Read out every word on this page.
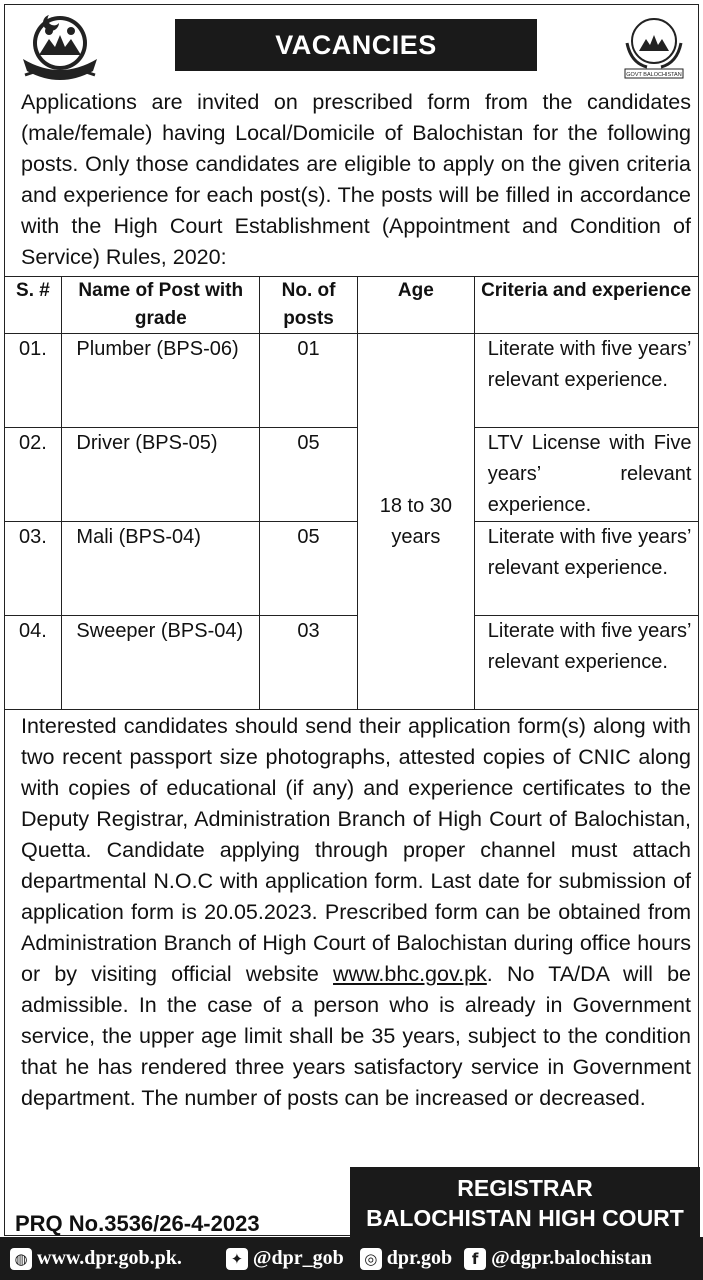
VACANCIES
GOVT BALOCHISTAN
Applications are invited on prescribed form from the candidates (male/female) having Local/Domicile of Balochistan for the following posts. Only those candidates are eligible to apply on the given criteria and experience for each post(s). The posts will be filled in accordance with the High Court Establishment (Appointment and Condition of Service) Rules, 2020:
S. #	Name of Post with grade	No. of posts	Age	Criteria and experience
01.	Plumber (BPS-06)	01	18 to 30 years	Literate with five years’ relevant experience.
02.	Driver (BPS-05)	05		LTV License with Five years’ relevant experience.
03.	Mali (BPS-04)	05		Literate with five years’ relevant experience.
04.	Sweeper (BPS-04)	03		Literate with five years’ relevant experience.
Interested candidates should send their application form(s) along with two recent passport size photographs, attested copies of CNIC along with copies of educational (if any) and experience certificates to the Deputy Registrar, Administration Branch of High Court of Balochistan, Quetta. Candidate applying through proper channel must attach departmental N.O.C with application form. Last date for submission of application form is 20.05.2023. Prescribed form can be obtained from Administration Branch of High Court of Balochistan during office hours or by visiting official website www.bhc.gov.pk. No TA/DA will be admissible. In the case of a person who is already in Government service, the upper age limit shall be 35 years, subject to the condition that he has rendered three years satisfactory service in Government department. The number of posts can be increased or decreased.
PRQ No.3536/26-4-2023
REGISTRAR
BALOCHISTAN HIGH COURT
◍ www.dpr.gob.pk.	✦ @dpr_gob ◎ dpr.gob	f @dgpr.balochistan
